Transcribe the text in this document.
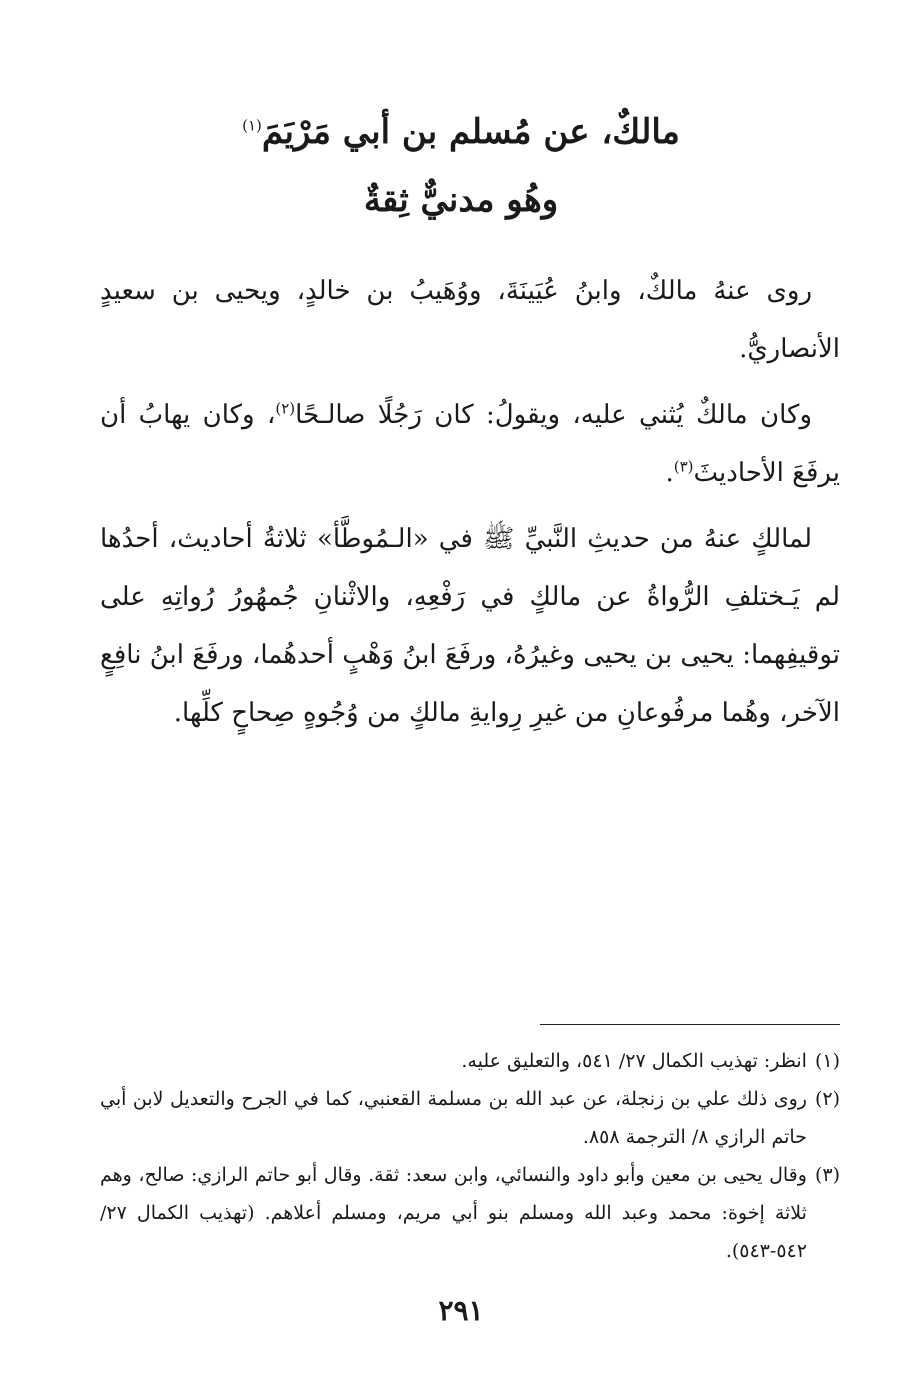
مالكٌ، عن مُسلم بن أبي مَرْيَمَ$^{(١)}$
وهُو مدنيٌّ ثِقةٌ

روى عنهُ مالكٌ، وابنُ عُيَينَةَ، ووُهَيبُ بن خالدٍ، ويحيى بن سعيدٍ الأنصاريُّ.

وكان مالكٌ يُثني عليه، ويقولُ: كان رَجُلًا صالـحًا$^{(٢)}$، وكان يهابُ أن يرفَعَ الأحاديثَ$^{(٣)}$.

لمالكٍ عنهُ من حديثِ النَّبيِّ ﷺ في «الـمُوطَّأ» ثلاثةُ أحاديث، أحدُها لم يَـختلفِ الرُّواةُ عن مالكٍ في رَفْعِهِ، والاثْنانِ جُمهُورُ رُواتِهِ على توقيفِهما: يحيى بن يحيى وغيرُهُ، ورفَعَ ابنُ وَهْبٍ أحدهُما، ورفَعَ ابنُ نافِعٍ الآخر، وهُما مرفُوعانِ من غيرِ رِوايةِ مالكٍ من وُجُوهٍ صِحاحٍ كلِّها.

(١)
انظر: تهذيب الكمال ٢٧/ ٥٤١، والتعليق عليه.
(٢)
روى ذلك علي بن زنجلة، عن عبد الله بن مسلمة القعنبي، كما في الجرح والتعديل لابن أبي حاتم الرازي ٨/ الترجمة ٨٥٨.
(٣)
وقال يحيى بن معين وأبو داود والنسائي، وابن سعد: ثقة. وقال أبو حاتم الرازي: صالح، وهم ثلاثة إخوة: محمد وعبد الله ومسلم بنو أبي مريم، ومسلم أعلاهم. (تهذيب الكمال ٢٧/ ٥٤٢-٥٤٣).
٢٩١
